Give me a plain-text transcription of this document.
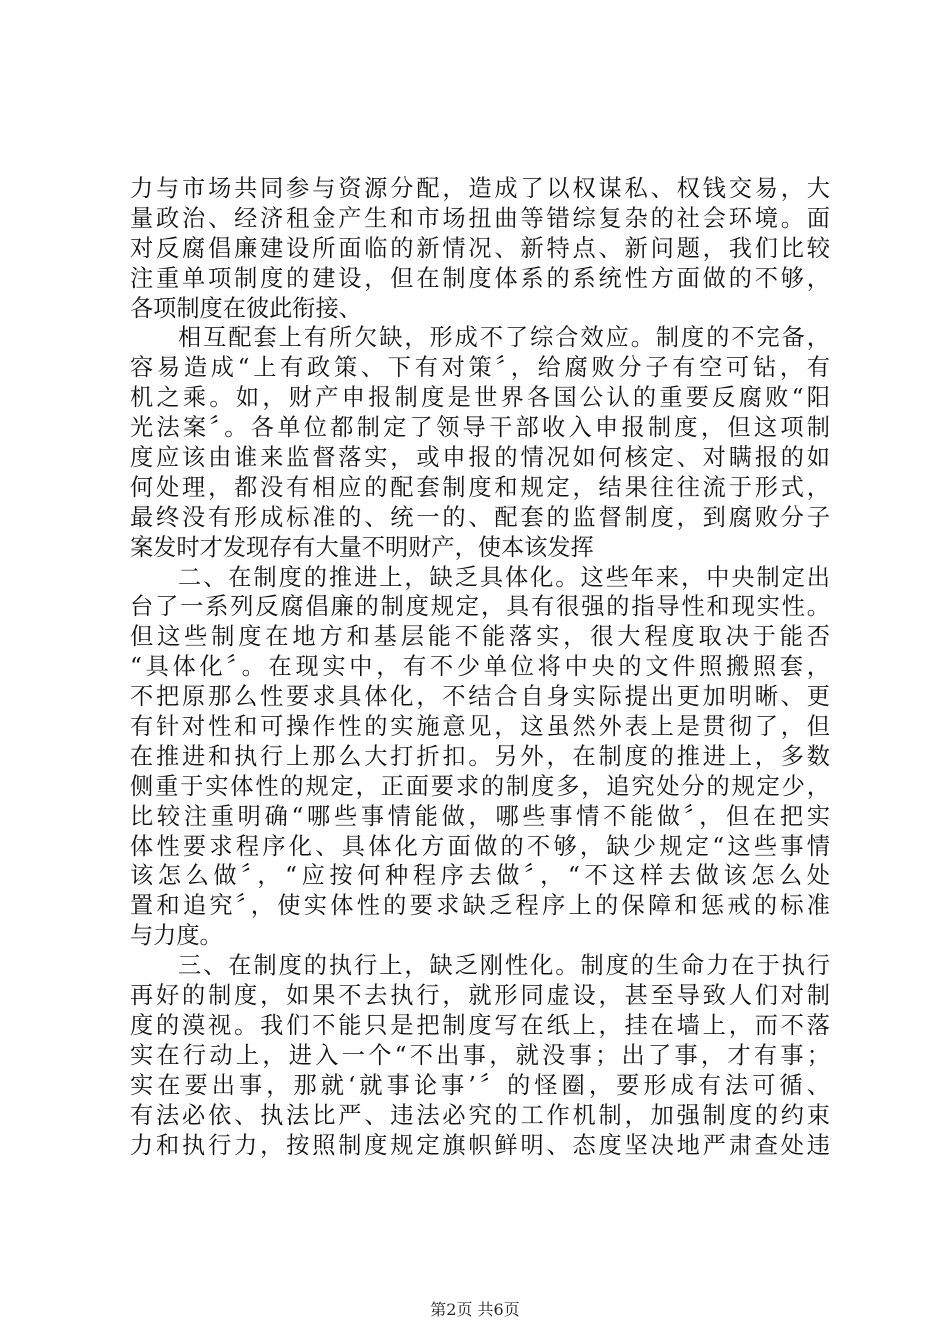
力与市场共同参与资源分配，造成了以权谋私、权钱交易，大
量政治、经济租金产生和市场扭曲等错综复杂的社会环境。面
对反腐倡廉建设所面临的新情况、新特点、新问题，我们比较
注重单项制度的建设，但在制度体系的系统性方面做的不够，
各项制度在彼此衔接、
相互配套上有所欠缺，形成不了综合效应。制度的不完备，
容易造成“上有政策、下有对策〞，给腐败分子有空可钻，有
机之乘。如，财产申报制度是世界各国公认的重要反腐败“阳
光法案〞。各单位都制定了领导干部收入申报制度，但这项制
度应该由谁来监督落实，或申报的情况如何核定、对瞒报的如
何处理，都没有相应的配套制度和规定，结果往往流于形式，
最终没有形成标准的、统一的、配套的监督制度，到腐败分子
案发时才发现存有大量不明财产，使本该发挥
二、在制度的推进上，缺乏具体化。这些年来，中央制定出
台了一系列反腐倡廉的制度规定，具有很强的指导性和现实性。
但这些制度在地方和基层能不能落实，很大程度取决于能否
“具体化〞。在现实中，有不少单位将中央的文件照搬照套，
不把原那么性要求具体化，不结合自身实际提出更加明晰、更
有针对性和可操作性的实施意见，这虽然外表上是贯彻了，但
在推进和执行上那么大打折扣。另外，在制度的推进上，多数
侧重于实体性的规定，正面要求的制度多，追究处分的规定少，
比较注重明确“哪些事情能做，哪些事情不能做〞，但在把实
体性要求程序化、具体化方面做的不够，缺少规定“这些事情
该怎么做〞，“应按何种程序去做〞，“不这样去做该怎么处
置和追究〞，使实体性的要求缺乏程序上的保障和惩戒的标准
与力度。
三、在制度的执行上，缺乏刚性化。制度的生命力在于执行
再好的制度，如果不去执行，就形同虚设，甚至导致人们对制
度的漠视。我们不能只是把制度写在纸上，挂在墙上，而不落
实在行动上，进入一个“不出事，就没事；出了事，才有事；
实在要出事，那就‘就事论事’〞的怪圈，要形成有法可循、
有法必依、执法比严、违法必究的工作机制，加强制度的约束
力和执行力，按照制度规定旗帜鲜明、态度坚决地严肃查处违
第2页 共6页
